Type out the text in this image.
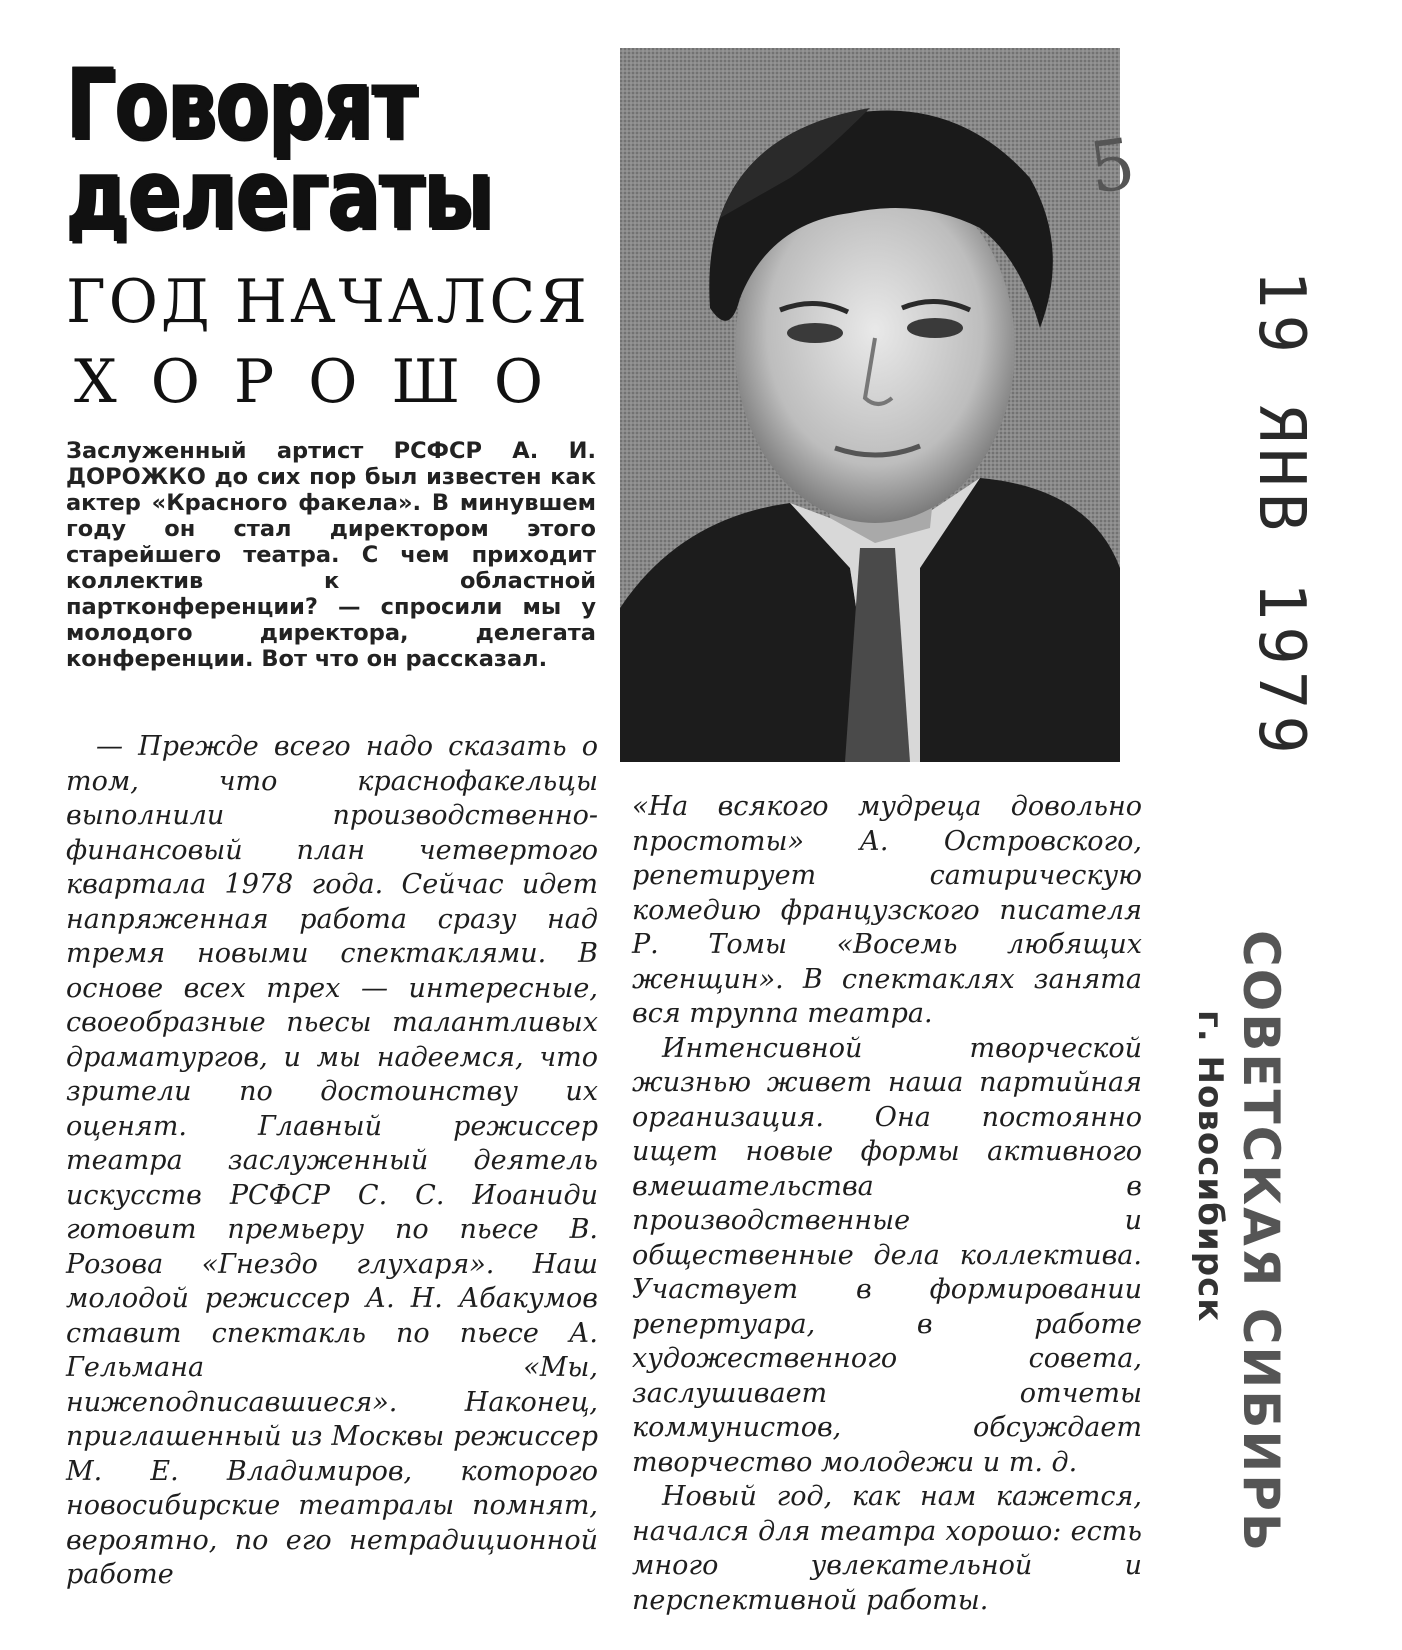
Говорят
делегаты
ГОД НАЧАЛСЯ
ХОРОШО

Заслуженный артист РСФСР А. И. ДОРОЖКО до сих пор был известен как актер «Красного факела». В минувшем году он стал директором этого старейшего театра. С чем приходит коллектив к областной партконференции? — спросили мы у молодого директора, делегата конференции. Вот что он рассказал.

— Прежде всего надо сказать о том, что краснофакельцы выполнили производственно-финансовый план четвертого квартала 1978 года. Сейчас идет напряженная работа сразу над тремя новыми спектаклями. В основе всех трех — интересные, своеобразные пьесы талантливых драматургов, и мы надеемся, что зрители по достоинству их оценят. Главный режиссер театра заслуженный деятель искусств РСФСР С. С. Иоаниди готовит премьеру по пьесе В. Розова «Гнездо глухаря». Наш молодой режиссер А. Н. Абакумов ставит спектакль по пьесе А. Гельмана «Мы, нижеподписавшиеся». Наконец, приглашенный из Москвы режиссер М. Е. Владимиров, которого новосибирские театралы помнят, вероятно, по его нетрадиционной работе

«На всякого мудреца довольно простоты» А. Островского, репетирует сатирическую комедию французского писателя Р. Томы «Восемь любящих женщин». В спектаклях занята вся труппа театра.

Интенсивной творческой жизнью живет наша партийная организация. Она постоянно ищет новые формы активного вмешательства в производственные и общественные дела коллектива. Участвует в формировании репертуара, в работе художественного совета, заслушивает отчеты коммунистов, обсуждает творчество молодежи и т. д.

Новый год, как нам кажется, начался для театра хорошо: есть много увлекательной и перспективной работы.

5
19 ЯНВ 1979
СОВЕТСКАЯ СИБИРЬ
г. Новосибирск
